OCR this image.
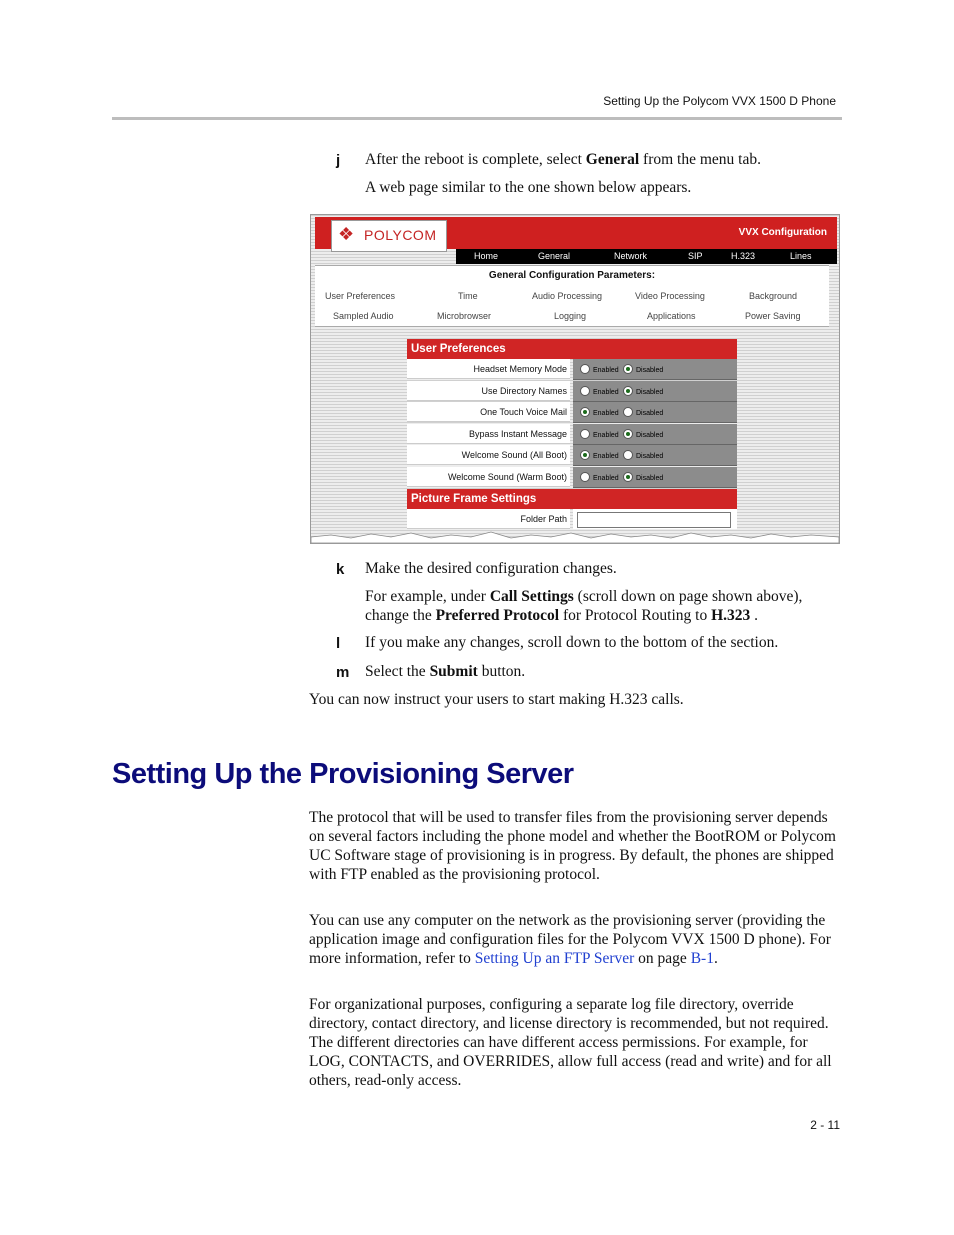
Setting Up the Polycom VVX 1500 D Phone
j After the reboot is complete, select General from the menu tab.
A web page similar to the one shown below appears.
❖ POLYCOM	VVX Configuration
Home	General	Network	SIP	H.323	Lines
General Configuration Parameters:
User Preferences	Time	Audio Processing	Video Processing	Background
Sampled Audio	Microbrowser	Logging	Applications	Power Saving
User Preferences
Headset Memory Mode	Enabled Disabled
Use Directory Names	Enabled Disabled
One Touch Voice Mail	Enabled Disabled
Bypass Instant Message	Enabled Disabled
Welcome Sound (All Boot)	Enabled Disabled
Welcome Sound (Warm Boot)	Enabled Disabled
Picture Frame Settings
Folder Path
k Make the desired configuration changes.
For example, under Call Settings (scroll down on page shown above),
change the Preferred Protocol for Protocol Routing to H.323 .
l If you make any changes, scroll down to the bottom of the section.
m Select the Submit button.
You can now instruct your users to start making H.323 calls.
Setting Up the Provisioning Server
The protocol that will be used to transfer files from the provisioning server depends on several factors including the phone model and whether the BootROM or Polycom UC Software stage of provisioning is in progress. By default, the phones are shipped with FTP enabled as the provisioning protocol.
You can use any computer on the network as the provisioning server (providing the application image and configuration files for the Polycom VVX 1500 D phone). For more information, refer to Setting Up an FTP Server on page B-1.
For organizational purposes, configuring a separate log file directory, override directory, contact directory, and license directory is recommended, but not required. The different directories can have different access permissions. For example, for LOG, CONTACTS, and OVERRIDES, allow full access (read and write) and for all others, read-only access.
2 - 11
